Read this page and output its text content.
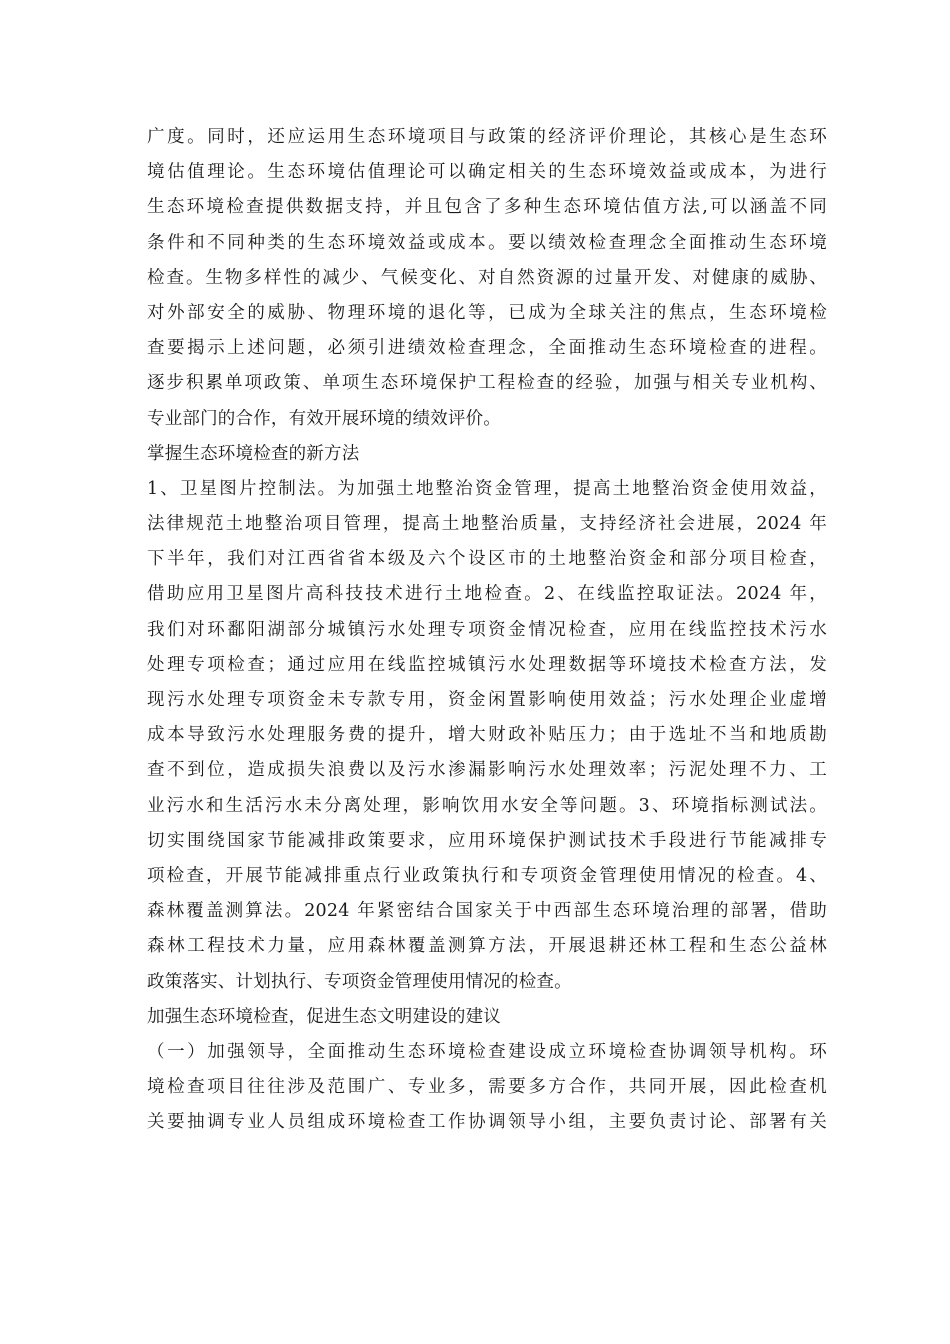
广度。同时，还应运用生态环境项目与政策的经济评价理论，其核心是生态环
境估值理论。生态环境估值理论可以确定相关的生态环境效益或成本，为进行
生态环境检查提供数据支持，并且包含了多种生态环境估值方法,可以涵盖不同
条件和不同种类的生态环境效益或成本。要以绩效检查理念全面推动生态环境
检查。生物多样性的减少、气候变化、对自然资源的过量开发、对健康的威胁、
对外部安全的威胁、物理环境的退化等，已成为全球关注的焦点，生态环境检
查要揭示上述问题，必须引进绩效检查理念，全面推动生态环境检查的进程。
逐步积累单项政策、单项生态环境保护工程检查的经验，加强与相关专业机构、
专业部门的合作，有效开展环境的绩效评价。
掌握生态环境检查的新方法
1、卫星图片控制法。为加强土地整治资金管理，提高土地整治资金使用效益，
法律规范土地整治项目管理，提高土地整治质量，支持经济社会进展，2024 年
下半年，我们对江西省省本级及六个设区市的土地整治资金和部分项目检查，
借助应用卫星图片高科技技术进行土地检查。2、在线监控取证法。2024 年，
我们对环鄱阳湖部分城镇污水处理专项资金情况检查，应用在线监控技术污水
处理专项检查；通过应用在线监控城镇污水处理数据等环境技术检查方法，发
现污水处理专项资金未专款专用，资金闲置影响使用效益；污水处理企业虚增
成本导致污水处理服务费的提升，增大财政补贴压力；由于选址不当和地质勘
查不到位，造成损失浪费以及污水渗漏影响污水处理效率；污泥处理不力、工
业污水和生活污水未分离处理，影响饮用水安全等问题。3、环境指标测试法。
切实围绕国家节能减排政策要求，应用环境保护测试技术手段进行节能减排专
项检查，开展节能减排重点行业政策执行和专项资金管理使用情况的检查。4、
森林覆盖测算法。2024 年紧密结合国家关于中西部生态环境治理的部署，借助
森林工程技术力量，应用森林覆盖测算方法，开展退耕还林工程和生态公益林
政策落实、计划执行、专项资金管理使用情况的检查。
加强生态环境检查，促进生态文明建设的建议
（一）加强领导，全面推动生态环境检查建设成立环境检查协调领导机构。环
境检查项目往往涉及范围广、专业多，需要多方合作，共同开展，因此检查机
关要抽调专业人员组成环境检查工作协调领导小组，主要负责讨论、部署有关
